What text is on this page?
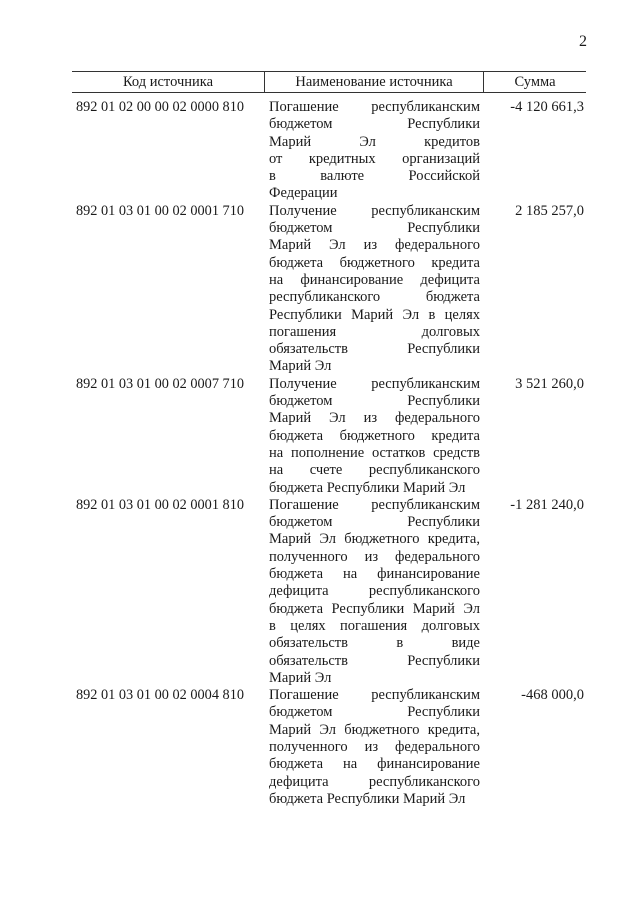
2
Код источника	Наименование источника	Сумма
892 01 02 00 00 02 0000 810	Погашение республиканским
бюджетом Республики
Марий Эл кредитов
от кредитных организаций
в валюте Российской
Федерации
-4 120 661,3
892 01 03 01 00 02 0001 710	Получение республиканским
бюджетом Республики
Марий Эл из федерального
бюджета бюджетного кредита
на финансирование дефицита
республиканского бюджета
Республики Марий Эл в целях
погашения долговых
обязательств Республики
Марий Эл
2 185 257,0
892 01 03 01 00 02 0007 710	Получение республиканским
бюджетом Республики
Марий Эл из федерального
бюджета бюджетного кредита
на пополнение остатков средств
на счете республиканского
бюджета Республики Марий Эл
3 521 260,0
892 01 03 01 00 02 0001 810	Погашение республиканским
бюджетом Республики
Марий Эл бюджетного кредита,
полученного из федерального
бюджета на финансирование
дефицита республиканского
бюджета Республики Марий Эл
в целях погашения долговых
обязательств в виде
обязательств Республики
Марий Эл
-1 281 240,0
892 01 03 01 00 02 0004 810	Погашение республиканским
бюджетом Республики
Марий Эл бюджетного кредита,
полученного из федерального
бюджета на финансирование
дефицита республиканского
бюджета Республики Марий Эл
-468 000,0
